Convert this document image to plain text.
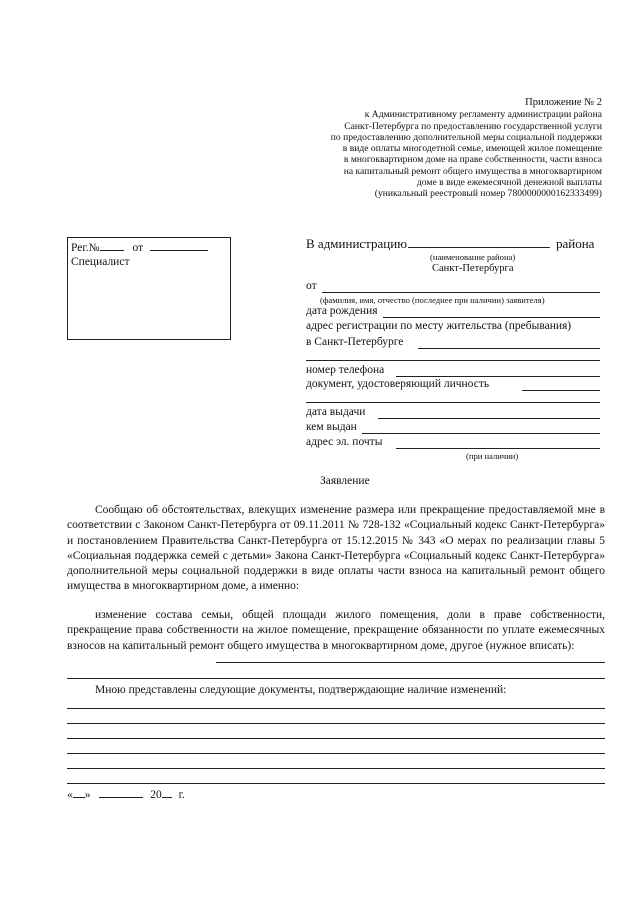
Приложение № 2
к Административному регламенту администрации района
Санкт-Петербурга по предоставлению государственной услуги
по предоставлению дополнительной меры социальной поддержки
в виде оплаты многодетной семье, имеющей жилое помещение
в многоквартирном доме на праве собственности, части взноса
на капитальный ремонт общего имущества в многоквартирном
доме в виде ежемесячной денежной выплаты
(уникальный реестровый номер 7800000000162333499)
Рег.№	от
Специалист
В администрацию	района
(наименование района)
Санкт-Петербурга
от
(фамилия, имя, отчество (последнее при наличии) заявителя)
дата рождения
адрес регистрации по месту жительства (пребывания)
в Санкт-Петербурге
номер телефона
документ, удостоверяющий личность
дата выдачи
кем выдан
адрес эл. почты
(при наличии)
Заявление
Сообщаю об обстоятельствах, влекущих изменение размера или прекращение предоставляемой мне в соответствии с Законом Санкт-Петербурга от 09.11.2011 № 728-132 «Социальный кодекс Санкт-Петербурга» и постановлением Правительства Санкт-Петербурга от 15.12.2015 № 343 «О мерах по реализации главы 5 «Социальная поддержка семей с детьми» Закона Санкт-Петербурга «Социальный кодекс Санкт-Петербурга» дополнительной меры социальной поддержки в виде оплаты части взноса на капитальный ремонт общего имущества в многоквартирном доме, а именно:
изменение состава семьи, общей площади жилого помещения, доли в праве собственности, прекращение права собственности на жилое помещение, прекращение обязанности по уплате ежемесячных взносов на капитальный ремонт общего имущества в многоквартирном доме, другое (нужное вписать):
Мною представлены следующие документы, подтверждающие наличие изменений:
« »	20 г.
